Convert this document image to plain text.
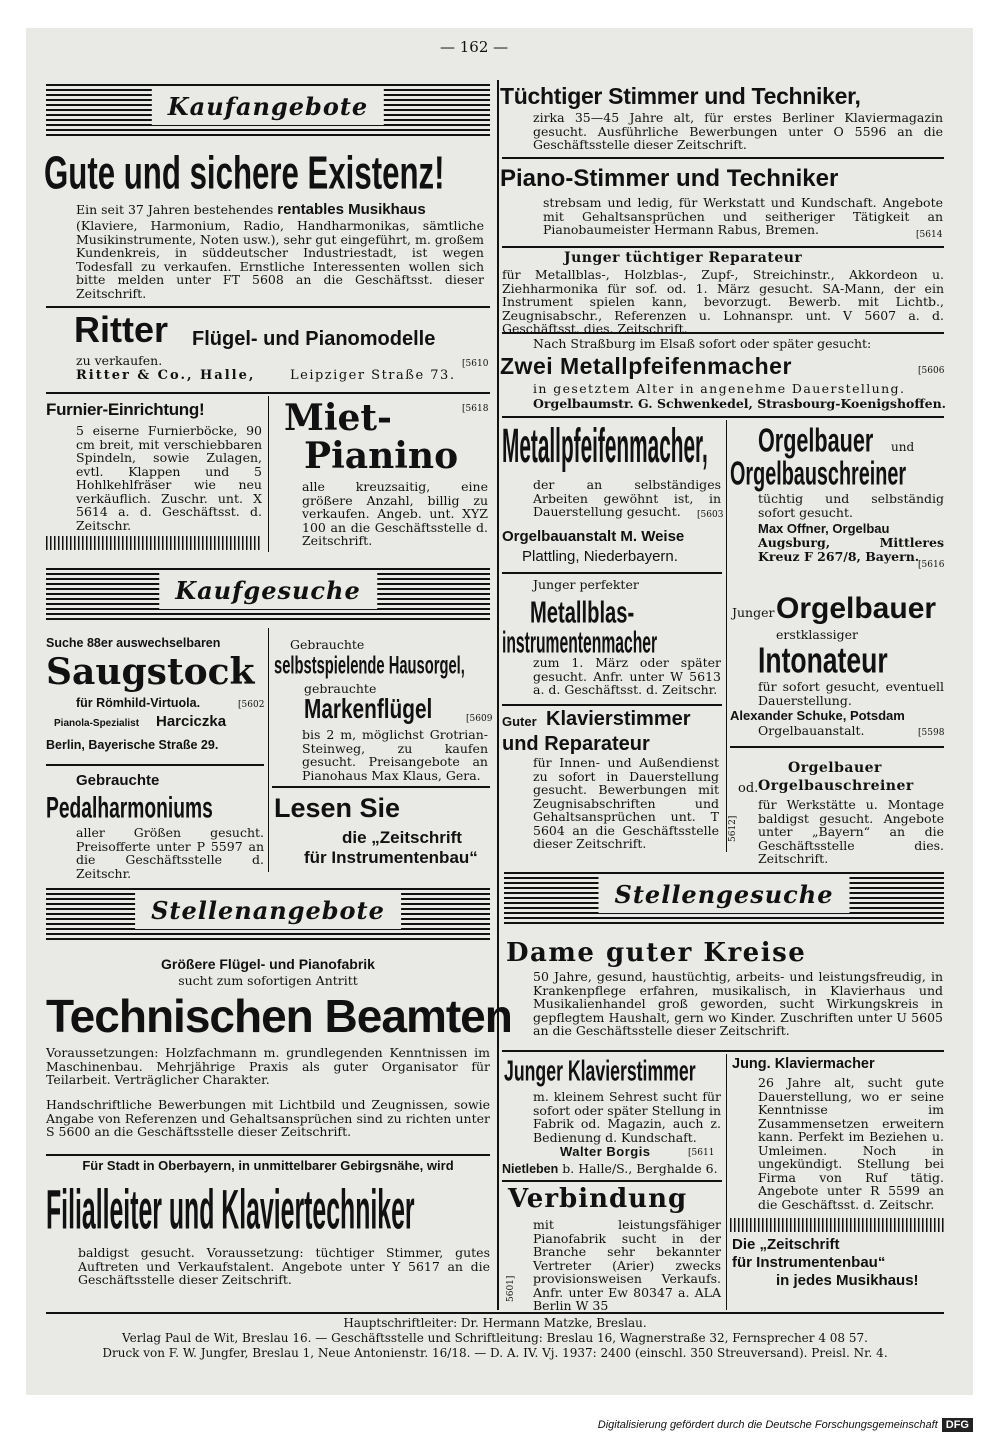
— 162 —
Kaufangebote
Gute und sichere Existenz!
Ein seit 37 Jahren bestehendes rentables Musikhaus
(Klaviere, Harmonium, Radio, Handharmonikas, sämtliche Musikinstrumente, Noten usw.), sehr gut eingeführt, m. großem Kundenkreis, in süddeutscher Industriestadt, ist wegen Todesfall zu verkaufen. Ernstliche Interessenten wollen sich bitte melden unter FT 5608 an die Geschäftsst. dieser Zeitschrift.
Ritter Flügel- und Pianomodelle
zu verkaufen.	[5610
Ritter & Co., Halle,	Leipziger Straße 73.
Furnier-Einrichtung!
5 eiserne Furnierböcke, 90 cm breit, mit verschiebbaren Spindeln, sowie Zulagen, evtl. Klappen und 5 Hohlkehlfräser wie neu verkäuflich. Zuschr. unt. X 5614 a. d. Geschäftsst. d. Zeitschr.
[5618
Miet-
Pianino
alle kreuzsaitig, eine größere Anzahl, billig zu verkaufen. Angeb. unt. XYZ 100 an die Geschäftsstelle d. Zeitschrift.
Kaufgesuche
Suche 88er auswechselbaren
Saugstock
für Römhild-Virtuola.	[5602
Pianola-Spezialist Harciczka
Berlin, Bayerische Straße 29.
Gebrauchte
Pedalharmoniums
aller Größen gesucht. Preisofferte unter P 5597 an die Geschäftsstelle d. Zeitschr.
Gebrauchte
selbstspielende Hausorgel,
gebrauchte
Markenflügel	[5609
bis 2 m, möglichst Grotrian-Steinweg, zu kaufen gesucht. Preisangebote an Pianohaus Max Klaus, Gera.
Lesen Sie
die „Zeitschrift
für Instrumentenbau“
Stellenangebote
Größere Flügel- und Pianofabrik
sucht zum sofortigen Antritt
Technischen Beamten
Voraussetzungen: Holzfachmann m. grundlegenden Kenntnissen im Maschinenbau. Mehrjährige Praxis als guter Organisator für Teilarbeit. Verträglicher Charakter.
Handschriftliche Bewerbungen mit Lichtbild und Zeugnissen, sowie Angabe von Referenzen und Gehaltsansprüchen sind zu richten unter S 5600 an die Geschäftsstelle dieser Zeitschrift.
Für Stadt in Oberbayern, in unmittelbarer Gebirgsnähe, wird
Filialleiter und Klaviertechniker
baldigst gesucht. Voraussetzung: tüchtiger Stimmer, gutes Auftreten und Verkaufstalent. Angebote unter Y 5617 an die Geschäftsstelle dieser Zeitschrift.
Tüchtiger Stimmer und Techniker,
zirka 35—45 Jahre alt, für erstes Berliner Klaviermagazin gesucht. Ausführliche Bewerbungen unter O 5596 an die Geschäftsstelle dieser Zeitschrift.
Piano-Stimmer und Techniker
strebsam und ledig, für Werkstatt und Kundschaft. Angebote mit Gehaltsansprüchen und seitheriger Tätigkeit an Pianobaumeister Hermann Rabus, Bremen.	[5614
Junger tüchtiger Reparateur
für Metallblas-, Holzblas-, Zupf-, Streichinstr., Akkordeon u. Ziehharmonika für sof. od. 1. März gesucht. SA-Mann, der ein Instrument spielen kann, bevorzugt. Bewerb. mit Lichtb., Zeugnisabschr., Referenzen u. Lohnanspr. unt. V 5607 a. d. Geschäftsst. dies. Zeitschrift.
Nach Straßburg im Elsaß sofort oder später gesucht:
Zwei Metallpfeifenmacher	[5606
in gesetztem Alter in angenehme Dauerstellung.
Orgelbaumstr. G. Schwenkedel, Strasbourg-Koenigshoffen.
Metallpfeifenmacher,
der an selbständiges Arbeiten gewöhnt ist, in Dauerstellung gesucht.	[5603
Orgelbauanstalt M. Weise
Plattling, Niederbayern.
Orgelbauer und
Orgelbauschreiner
tüchtig und selbständig sofort gesucht.
Max Offner, Orgelbau
Augsburg, Mittleres Kreuz F 267/8, Bayern.
[5616
Junger perfekter
Metallblas-
instrumentenmacher
zum 1. März oder später gesucht. Anfr. unter W 5613 a. d. Geschäftsst. d. Zeitschr.
Junger Orgelbauer
erstklassiger
Intonateur
für sofort gesucht, eventuell Dauerstellung.
Alexander Schuke, Potsdam
Orgelbauanstalt.	[5598
Guter Klavierstimmer
und Reparateur
für Innen- und Außendienst zu sofort in Dauerstellung gesucht. Bewerbungen mit Zeugnisabschriften und Gehaltsansprüchen unt. T 5604 an die Geschäftsstelle dieser Zeitschrift.
5612]
Orgelbauer
od. Orgelbauschreiner
für Werkstätte u. Montage baldigst gesucht. Angebote unter „Bayern“ an die Geschäftsstelle dies. Zeitschrift.
Stellengesuche
Dame guter Kreise
50 Jahre, gesund, haustüchtig, arbeits- und leistungsfreudig, in Krankenpflege erfahren, musikalisch, in Klavierhaus und Musikalienhandel groß geworden, sucht Wirkungskreis in gepflegtem Haushalt, gern wo Kinder. Zuschriften unter U 5605 an die Geschäftsstelle dieser Zeitschrift.
Junger Klavierstimmer
m. kleinem Sehrest sucht für sofort oder später Stellung in Fabrik od. Magazin, auch z. Bedienung d. Kundschaft.
Walter Borgis	[5611
Nietleben b. Halle/S., Berghalde 6.
Jung. Klaviermacher
26 Jahre alt, sucht gute Dauerstellung, wo er seine Kenntnisse im Zusammensetzen erweitern kann. Perfekt im Beziehen u. Umleimen. Noch in ungekündigt. Stellung bei Firma von Ruf tätig. Angebote unter R 5599 an die Geschäftsst. d. Zeitschr.
Verbindung
mit leistungsfähiger Pianofabrik sucht in der Branche sehr bekannter Vertreter (Arier) zwecks provisionsweisen Verkaufs. Anfr. unter Ew 80347 a. ALA Berlin W 35
5601]
Die „Zeitschrift
für Instrumentenbau“
in jedes Musikhaus!
Hauptschriftleiter: Dr. Hermann Matzke, Breslau.
Verlag Paul de Wit, Breslau 16. — Geschäftsstelle und Schriftleitung: Breslau 16, Wagnerstraße 32, Fernsprecher 4 08 57.
Druck von F. W. Jungfer, Breslau 1, Neue Antonienstr. 16/18. — D. A. IV. Vj. 1937: 2400 (einschl. 350 Streuversand). Preisl. Nr. 4.
Digitalisierung gefördert durch die Deutsche Forschungsgemeinschaft DFG
